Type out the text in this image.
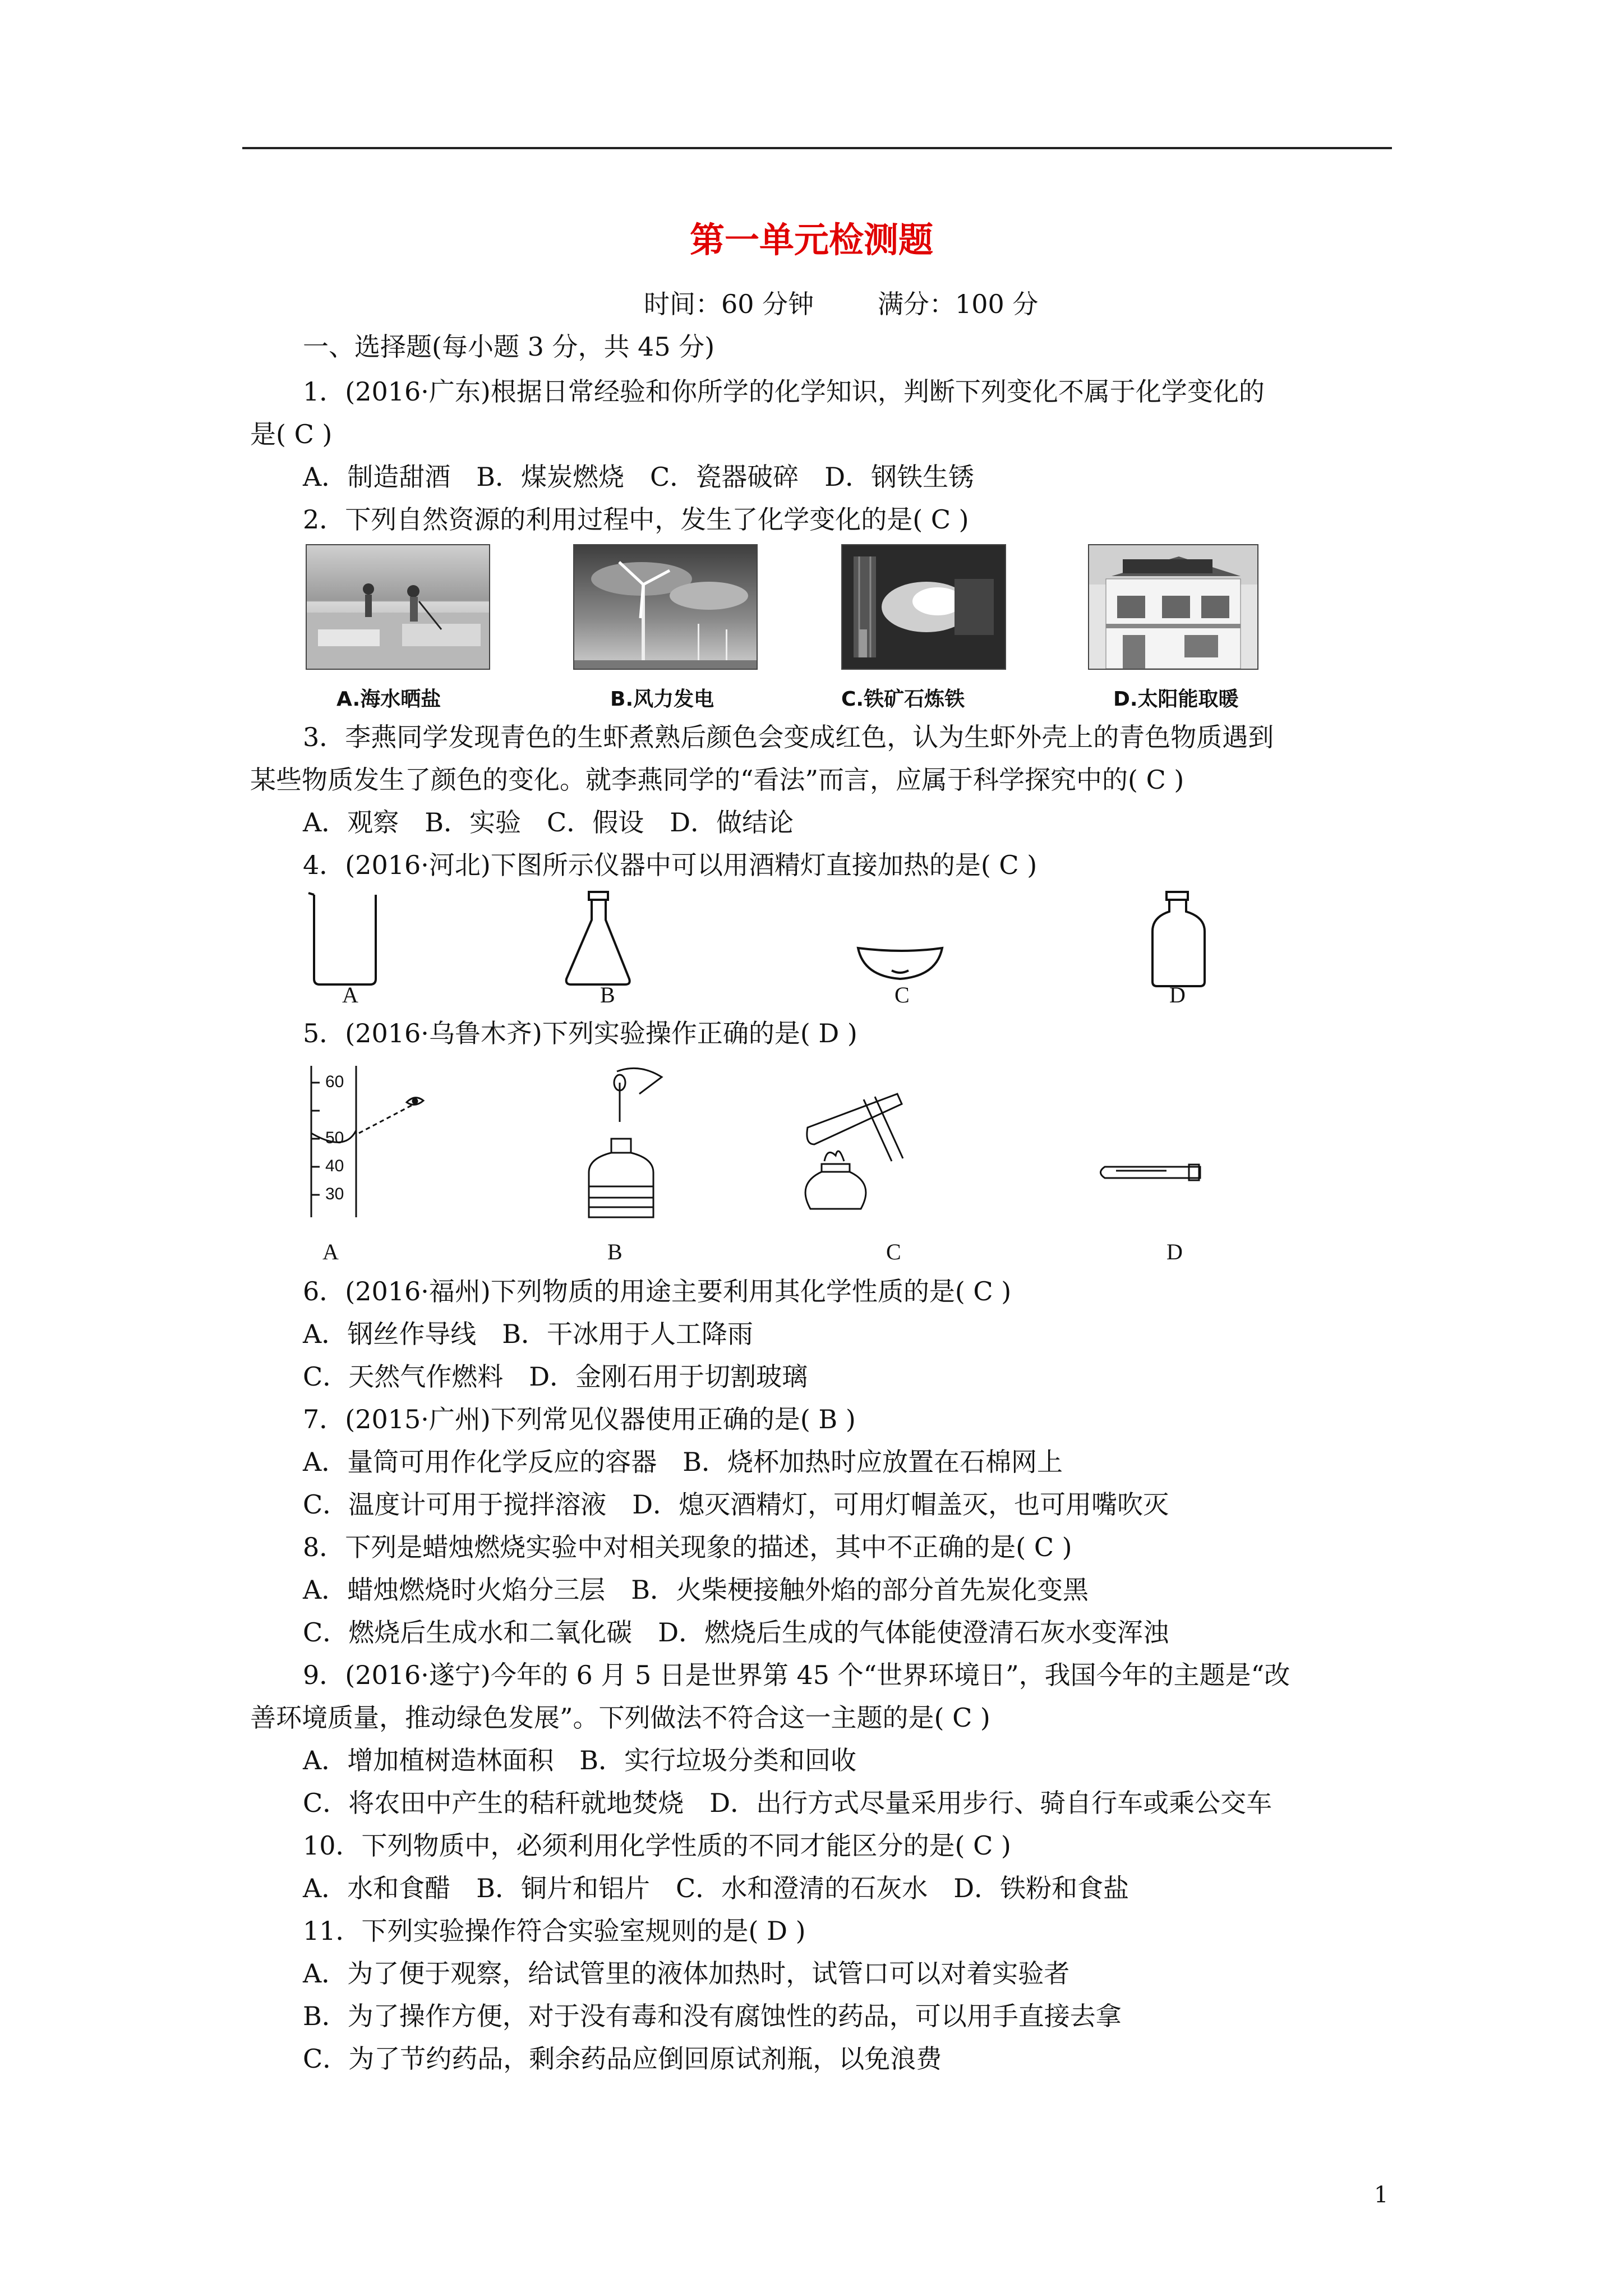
第一单元检测题
时间：60 分钟 满分：100 分
一、选择题(每小题 3 分，共 45 分)
1．(2016·广东)根据日常经验和你所学的化学知识，判断下列变化不属于化学变化的
是( C )
A．制造甜酒　B．煤炭燃烧　C．瓷器破碎　D．钢铁生锈
2．下列自然资源的利用过程中，发生了化学变化的是( C )
A.海水晒盐	B.风力发电	C.铁矿石炼铁	D.太阳能取暖
3．李燕同学发现青色的生虾煮熟后颜色会变成红色，认为生虾外壳上的青色物质遇到
某些物质发生了颜色的变化。就李燕同学的“看法”而言，应属于科学探究中的( C )
A．观察　B．实验　C．假设　D．做结论
4．(2016·河北)下图所示仪器中可以用酒精灯直接加热的是( C )
A	B	C	D
5．(2016·乌鲁木齐)下列实验操作正确的是( D )
60
50
40
30
A	B	C	D
6．(2016·福州)下列物质的用途主要利用其化学性质的是( C )
A．钢丝作导线　B．干冰用于人工降雨
C．天然气作燃料　D．金刚石用于切割玻璃
7．(2015·广州)下列常见仪器使用正确的是( B )
A．量筒可用作化学反应的容器　B．烧杯加热时应放置在石棉网上
C．温度计可用于搅拌溶液　D．熄灭酒精灯，可用灯帽盖灭，也可用嘴吹灭
8．下列是蜡烛燃烧实验中对相关现象的描述，其中不正确的是( C )
A．蜡烛燃烧时火焰分三层　B．火柴梗接触外焰的部分首先炭化变黑
C．燃烧后生成水和二氧化碳　D．燃烧后生成的气体能使澄清石灰水变浑浊
9．(2016·遂宁)今年的 6 月 5 日是世界第 45 个“世界环境日”，我国今年的主题是“改
善环境质量，推动绿色发展”。下列做法不符合这一主题的是( C )
A．增加植树造林面积　B．实行垃圾分类和回收
C．将农田中产生的秸秆就地焚烧　D．出行方式尽量采用步行、骑自行车或乘公交车
10．下列物质中，必须利用化学性质的不同才能区分的是( C )
A．水和食醋　B．铜片和铝片　C．水和澄清的石灰水　D．铁粉和食盐
11．下列实验操作符合实验室规则的是( D )
A．为了便于观察，给试管里的液体加热时，试管口可以对着实验者
B．为了操作方便，对于没有毒和没有腐蚀性的药品，可以用手直接去拿
C．为了节约药品，剩余药品应倒回原试剂瓶，以免浪费
1
